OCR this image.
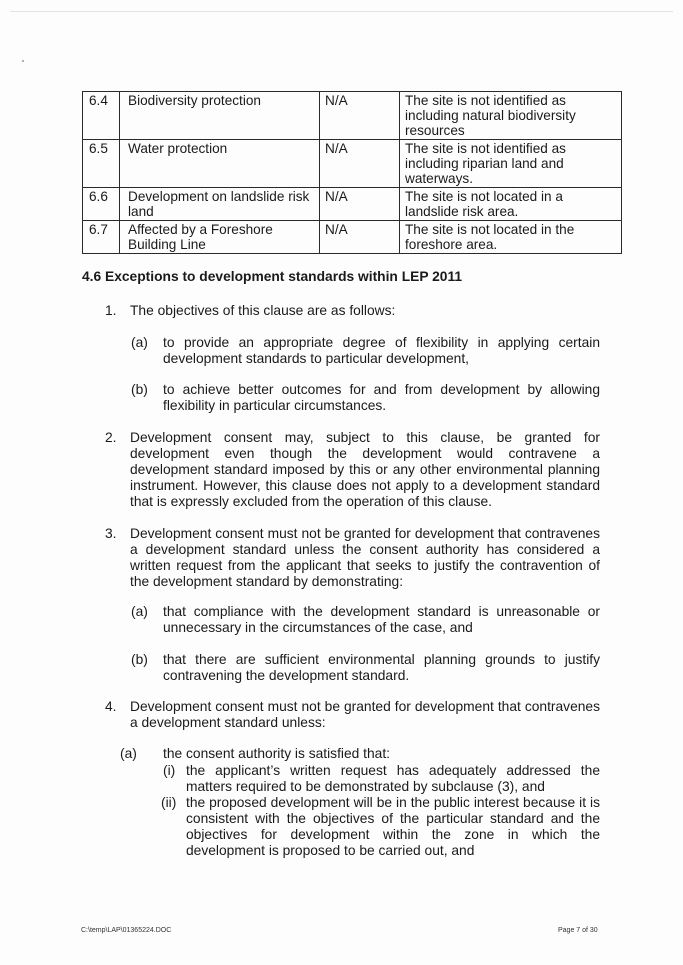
6.4	Biodiversity protection	N/A	The site is not identified as including natural biodiversity resources
6.5	Water protection	N/A	The site is not identified as including riparian land and waterways.
6.6	Development on landslide risk land	N/A	The site is not located in a landslide risk area.
6.7	Affected by a Foreshore Building Line	N/A	The site is not located in the foreshore area.
4.6 Exceptions to development standards within LEP 2011
1. The objectives of this clause are as follows:
(a) to provide an appropriate degree of flexibility in applying certain development standards to particular development,
(b) to achieve better outcomes for and from development by allowing flexibility in particular circumstances.
2. Development consent may, subject to this clause, be granted for development even though the development would contravene a development standard imposed by this or any other environmental planning instrument. However, this clause does not apply to a development standard that is expressly excluded from the operation of this clause.
3. Development consent must not be granted for development that contravenes a development standard unless the consent authority has considered a written request from the applicant that seeks to justify the contravention of the development standard by demonstrating:
(a) that compliance with the development standard is unreasonable or unnecessary in the circumstances of the case, and
(b) that there are sufficient environmental planning grounds to justify contravening the development standard.
4. Development consent must not be granted for development that contravenes a development standard unless:
(a) the consent authority is satisfied that:
(i) the applicant’s written request has adequately addressed the matters required to be demonstrated by subclause (3), and
(ii) the proposed development will be in the public interest because it is consistent with the objectives of the particular standard and the objectives for development within the zone in which the development is proposed to be carried out, and
C:\temp\LAP\01365224.DOC	Page 7 of 30
